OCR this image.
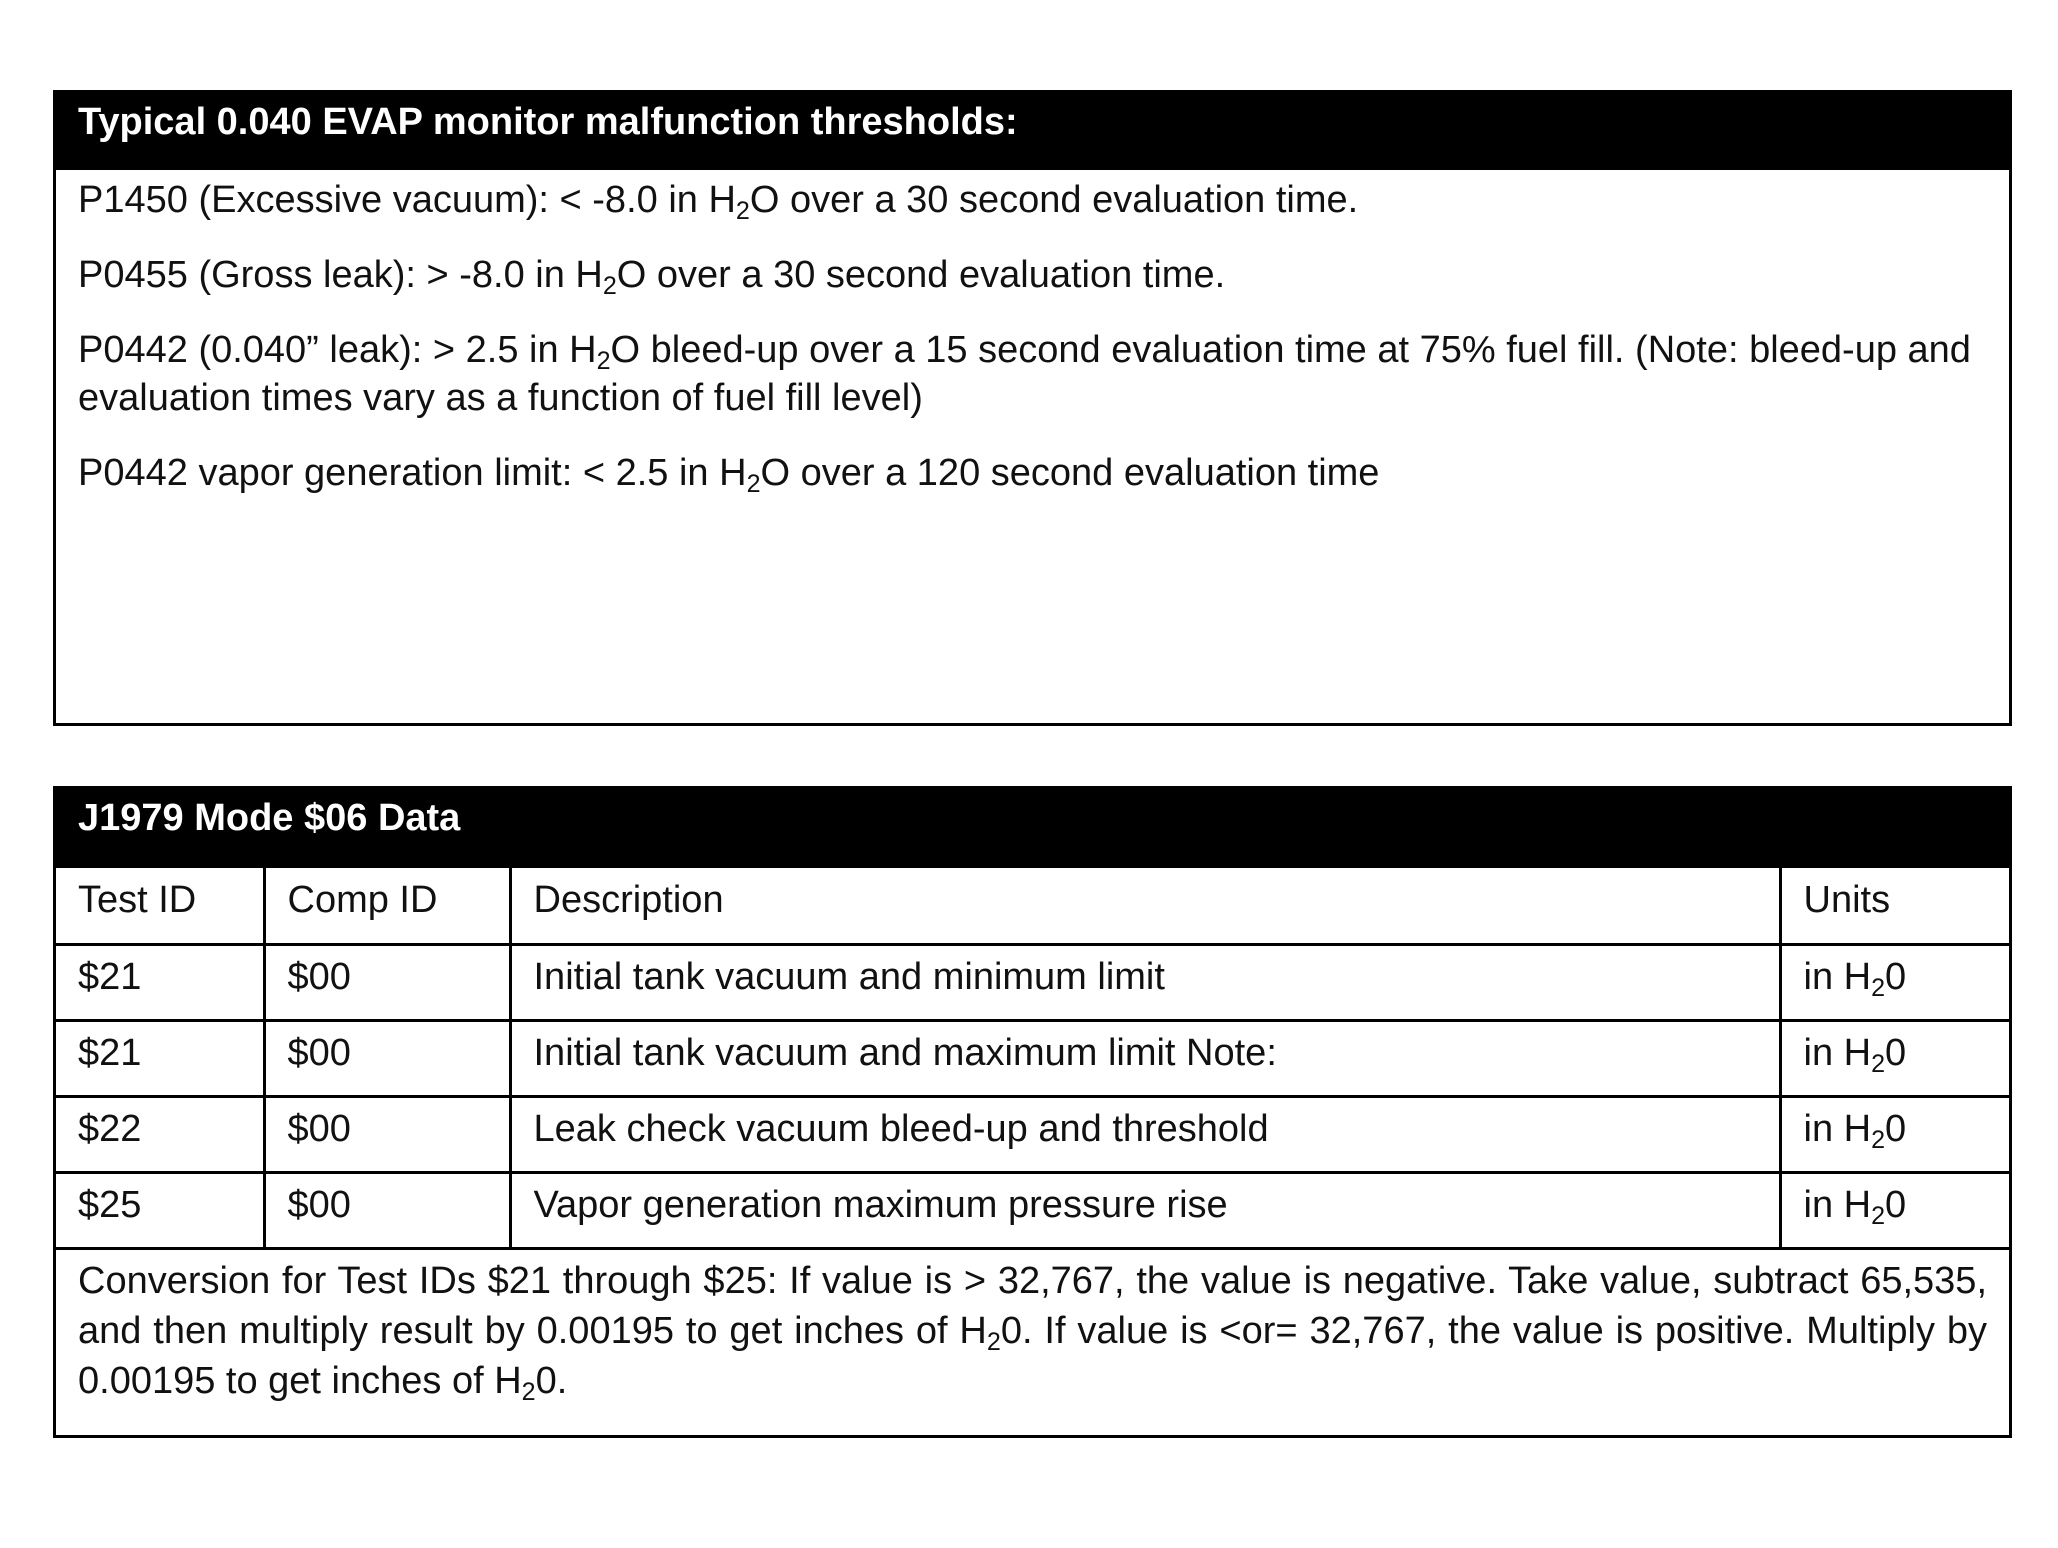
Typical 0.040 EVAP monitor malfunction thresholds:

P1450 (Excessive vacuum): < -8.0 in $H_2O$ over a 30 second evaluation time.

P0455 (Gross leak): > -8.0 in $H_2O$ over a 30 second evaluation time.

P0442 (0.040” leak): > 2.5 in $H_2O$ bleed-up over a 15 second evaluation time at 75% fuel fill. (Note: bleed-up and evaluation times vary as a function of fuel fill level)

P0442 vapor generation limit: < 2.5 in $H_2O$ over a 120 second evaluation time

J1979 Mode $06 Data
Test ID	Comp ID	Description	Units
$21	$00	Initial tank vacuum and minimum limit	in $H_20$
$21	$00	Initial tank vacuum and maximum limit Note:	in $H_20$
$22	$00	Leak check vacuum bleed-up and threshold	in $H_20$
$25	$00	Vapor generation maximum pressure rise	in $H_20$
Conversion for Test IDs $21 through $25: If value is > 32,767, the value is negative. Take value, subtract 65,535, and then multiply result by 0.00195 to get inches of $H_20$. If value is <or= 32,767, the value is positive. Multiply by 0.00195 to get inches of $H_20$.
